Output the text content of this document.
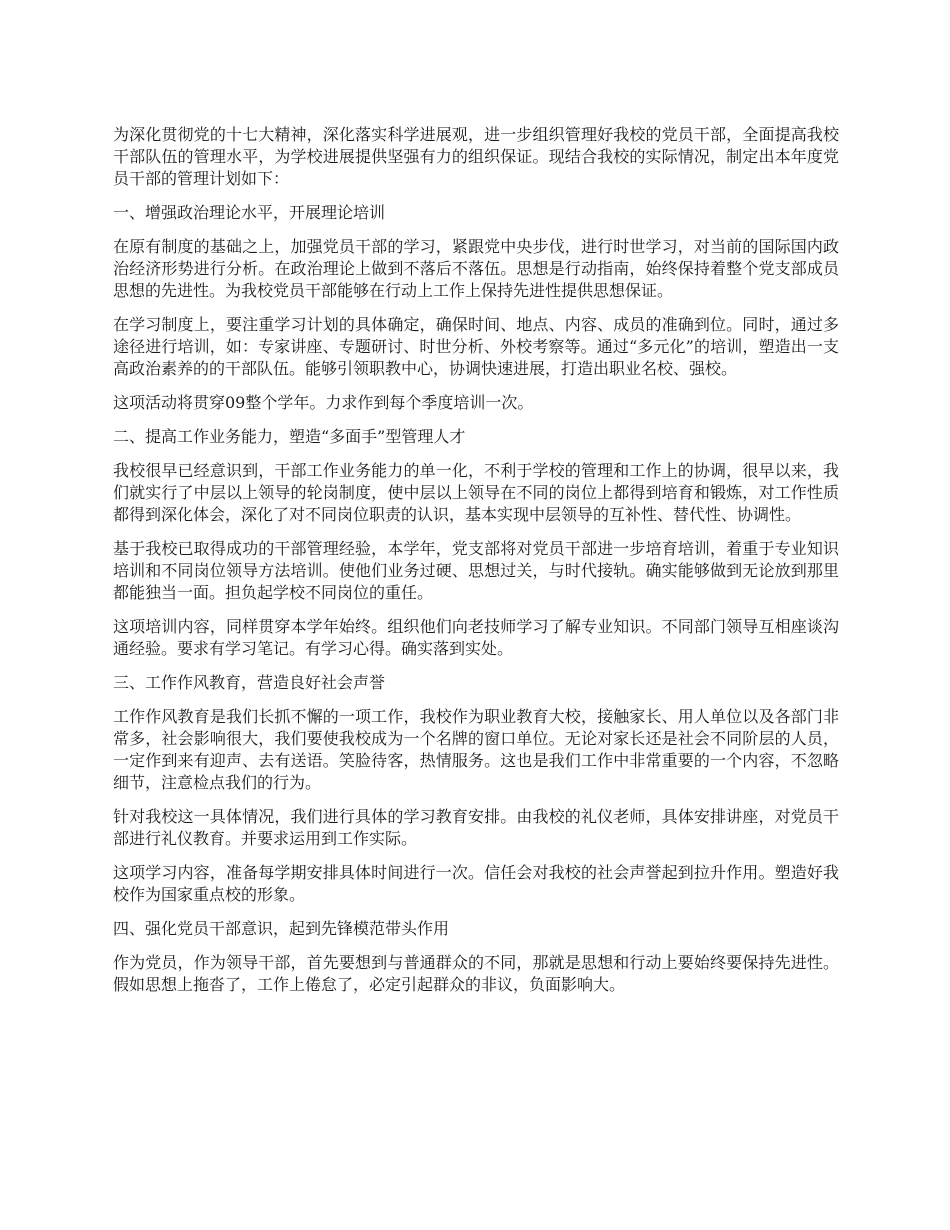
为深化贯彻党的十七大精神，深化落实科学进展观，进一步组织管理好我校的党员干部，全面提高我校干部队伍的管理水平，为学校进展提供坚强有力的组织保证。现结合我校的实际情况，制定出本年度党员干部的管理计划如下：

一、增强政治理论水平，开展理论培训

在原有制度的基础之上，加强党员干部的学习，紧跟党中央步伐，进行时世学习，对当前的国际国内政治经济形势进行分析。在政治理论上做到不落后不落伍。思想是行动指南，始终保持着整个党支部成员思想的先进性。为我校党员干部能够在行动上工作上保持先进性提供思想保证。

在学习制度上，要注重学习计划的具体确定，确保时间、地点、内容、成员的准确到位。同时，通过多途径进行培训，如：专家讲座、专题研讨、时世分析、外校考察等。通过“多元化”的培训，塑造出一支高政治素养的的干部队伍。能够引领职教中心，协调快速进展，打造出职业名校、强校。

这项活动将贯穿09整个学年。力求作到每个季度培训一次。

二、提高工作业务能力，塑造“多面手”型管理人才

我校很早已经意识到，干部工作业务能力的单一化，不利于学校的管理和工作上的协调，很早以来，我们就实行了中层以上领导的轮岗制度，使中层以上领导在不同的岗位上都得到培育和锻炼，对工作性质都得到深化体会，深化了对不同岗位职责的认识，基本实现中层领导的互补性、替代性、协调性。

基于我校已取得成功的干部管理经验，本学年，党支部将对党员干部进一步培育培训，着重于专业知识培训和不同岗位领导方法培训。使他们业务过硬、思想过关，与时代接轨。确实能够做到无论放到那里都能独当一面。担负起学校不同岗位的重任。

这项培训内容，同样贯穿本学年始终。组织他们向老技师学习了解专业知识。不同部门领导互相座谈沟通经验。要求有学习笔记。有学习心得。确实落到实处。

三、工作作风教育，营造良好社会声誉

工作作风教育是我们长抓不懈的一项工作，我校作为职业教育大校，接触家长、用人单位以及各部门非常多，社会影响很大，我们要使我校成为一个名牌的窗口单位。无论对家长还是社会不同阶层的人员，一定作到来有迎声、去有送语。笑脸待客，热情服务。这也是我们工作中非常重要的一个内容，不忽略细节，注意检点我们的行为。

针对我校这一具体情况，我们进行具体的学习教育安排。由我校的礼仪老师，具体安排讲座，对党员干部进行礼仪教育。并要求运用到工作实际。

这项学习内容，准备每学期安排具体时间进行一次。信任会对我校的社会声誉起到拉升作用。塑造好我校作为国家重点校的形象。

四、强化党员干部意识，起到先锋模范带头作用

作为党员，作为领导干部，首先要想到与普通群众的不同，那就是思想和行动上要始终要保持先进性。假如思想上拖沓了，工作上倦怠了，必定引起群众的非议，负面影响大。
